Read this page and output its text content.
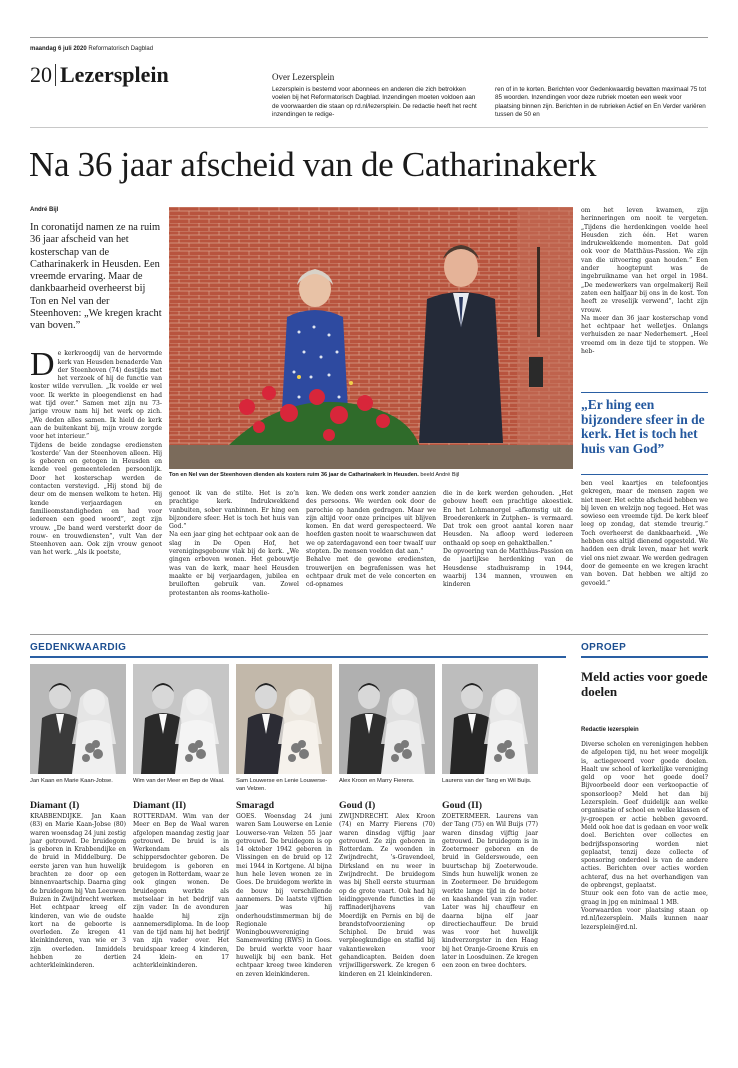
maandag 6 juli 2020 Reformatorisch Dagblad
20 Lezersplein	Over Lezersplein
Lezersplein is bestemd voor abonnees en anderen die zich betrokken voelen bij het Reformatorisch Dagblad. Inzendingen moeten voldoen aan de voorwaarden die staan op rd.nl/lezersplein. De redactie heeft het recht inzendingen te redige-
ren of in te korten. Berichten voor Gedenkwaardig bevatten maximaal 75 tot 85 woorden. Inzendingen voor deze rubriek moeten een week voor plaatsing binnen zijn. Berichten in de rubrieken Actief en En Verder variëren tussen de 50 en
Na 36 jaar afscheid van de Catharinakerk
André Bijl
In coronatijd namen ze na ruim 36 jaar afscheid van het kosterschap van de Catharinakerk in Heusden. Een vreemde ervaring. Maar de dankbaarheid overheerst bij Ton en Nel van der Steenhoven: „We kregen kracht van boven.”

De kerkvoogdij van de hervormde kerk van Heusden benaderde Van der Steenhoven (74) destijds met het verzoek of hij de functie van koster wilde vervullen. „Ik voelde er wel voor. Ik werkte in ploegendienst en had wat tijd over.” Samen met zijn nu 73-jarige vrouw nam hij het werk op zich. „We deden alles samen. Ik hield de kerk aan de buitenkant bij, mijn vrouw zorgde voor het interieur.”
Tijdens de beide zondagse erediensten ‘kosterde’ Van der Steenhoven alleen. Hij is geboren en getogen in Heusden en kende veel gemeenteleden persoonlijk. Door het kosterschap werden de contacten verstevigd. „Hij stond bij de deur om de mensen welkom te heten. Hij kende verjaardagen en familieomstandigheden en had voor iedereen een goed woord”, zegt zijn vrouw. „De band werd versterkt door de rouw- en trouwdiensten”, vult Van der Steenhoven aan. Ook zijn vrouw genoot van het werk. „Als ik poetste,

Ton en Nel van der Steenhoven dienden als kosters ruim 36 jaar de Catharinakerk in Heusden. beeld André Bijl
genoot ik van de stilte. Het is zo’n prachtige kerk. Indrukwekkend vanbuiten, sober vanbinnen. Er hing een bijzondere sfeer. Het is toch het huis van God.”
Na een jaar ging het echtpaar ook aan de slag in De Open Hof, het verenigingsgebouw vlak bij de kerk. „We gingen erboven wonen. Het gebouwtje was van de kerk, maar heel Heusden maakte er bij verjaardagen, jubilea en bruiloften gebruik van. Zowel protestanten als rooms-katholie-
ken. We deden ons werk zonder aanzien des persoons. We werden ook door de parochie op handen gedragen. Maar we zijn altijd voor onze principes uit blijven komen. En dat werd gerespecteerd. We hoefden gasten nooit te waarschuwen dat we op zaterdagavond een toer twaalf uur stopten. De mensen voelden dat aan.”
Behalve met de gewone erediensten, trouwerijen en begrafenissen was het echtpaar druk met de vele concerten en cd-opnames
die in de kerk werden gehouden. „Het gebouw heeft een prachtige akoestiek. En het Lohmanorgel –afkomstig uit de Broederenkerk in Zutphen– is vermaard. Dat trok een groot aantal koren naar Heusden. Na afloop werd iedereen onthaald op soep en gehaktballen.”
De opvoering van de Matthäus-Passion en de jaarlijkse herdenking van de Heusdense stadhuisramp in 1944, waarbij 134 mannen, vrouwen en kinderen
om het leven kwamen, zijn herinneringen om nooit te vergeten. „Tijdens die herdenkingen voelde heel Heusden zich één. Het waren indrukwekkende momenten. Dat gold ook voor de Matthäus-Passion. We zijn van die uitvoering gaan houden.” Een ander hoogtepunt was de ingebruikname van het orgel in 1984. „De medewerkers van orgelmakerij Reil zaten een halfjaar bij ons in de kost. Ton heeft ze vreselijk verwend”, lacht zijn vrouw.
Na meer dan 36 jaar kosterschap vond het echtpaar het welletjes. Onlangs verhuisden ze naar Nederhemert. „Heel vreemd om in deze tijd te stoppen. We heb-
„Er hing een bijzondere sfeer in de kerk. Het is toch het huis van God”
ben veel kaartjes en telefoontjes gekregen, maar de mensen zagen we niet meer. Het echte afscheid hebben we bij leven en welzijn nog tegoed. Het was sowieso een vreemde tijd. De kerk bleef leeg op zondag, dat stemde treurig.” Toch overheerst de dankbaarheid. „We hebben ons altijd dienend opgesteld. We hadden een druk leven, maar het werk viel ons niet zwaar. We werden gedragen door de gemeente en we kregen kracht van boven. Dat hebben we altijd zo gevoeld.”
GEDENKWAARDIG
Jan Kaan en Marie Kaan-Jobse.
Diamant (I)
KRABBENDIJKE. Jan Kaan (83) en Marie Kaan-Jobse (80) waren woensdag 24 juni zestig jaar getrouwd. De bruidegom is geboren in Krabbendijke en de bruid in Middelburg. De eerste jaren van hun huwelijk brachten ze door op een binnenvaartschip. Daarna ging de bruidegom bij Van Leeuwen Buizen in Zwijndrecht werken. Het echtpaar kreeg elf kinderen, van wie de oudste kort na de geboorte is overleden. Ze kregen 41 kleinkinderen, van wie er 3 zijn overleden. Inmiddels hebben ze dertien achterkleinkinderen.
Wim van der Meer en Bep de Waal.
Diamant (II)
ROTTERDAM. Wim van der Meer en Bep de Waal waren afgelopen maandag zestig jaar getrouwd. De bruid is in Werkendam als schippersdochter geboren. De bruidegom is geboren en getogen in Rotterdam, waar ze ook gingen wonen. De bruidegom werkte als metselaar in het bedrijf van zijn vader. In de avonduren haalde hij zijn aannemersdiploma. In de loop van de tijd nam hij het bedrijf van zijn vader over. Het bruidspaar kreeg 4 kinderen, 24 klein- en 17 achterkleinkinderen.
Sam Louwerse en Lenie Louwerse-van Velzen.
Smaragd
GOES. Woensdag 24 juni waren Sam Louwerse en Lenie Louwerse-van Velzen 55 jaar getrouwd. De bruidegom is op 14 oktober 1942 geboren in Vlissingen en de bruid op 12 mei 1944 in Kortgene. Al bijna hun hele leven wonen ze in Goes. De bruidegom werkte in de bouw bij verschillende aannemers. De laatste vijftien jaar was hij onderhoudstimmerman bij de Regionale Woningbouwvereniging Samenwerking (RWS) in Goes. De bruid werkte voor haar huwelijk bij een bank. Het echtpaar kreeg twee kinderen en zeven kleinkinderen.
Alex Kroon en Marry Fierens.
Goud (I)
ZWIJNDRECHT. Alex Kroon (74) en Marry Fierens (70) waren dinsdag vijftig jaar getrouwd. Ze zijn geboren in Rotterdam. Ze woonden in Zwijndrecht, ’s-Gravendeel, Dirksland en nu weer in Zwijndrecht. De bruidegom was bij Shell eerste stuurman op de grote vaart. Ook had hij leidinggevende functies in de raffinaderijhavens van Moerdijk en Pernis en bij de brandstofvoorziening op Schiphol. De bruid was verpleegkundige en staflid bij vakantieweken voor gehandicapten. Beiden doen vrijwilligerswerk. Ze kregen 6 kinderen en 21 kleinkinderen.
Laurens van der Tang en Wil Buijs.
Goud (II)
ZOETERMEER. Laurens van der Tang (75) en Wil Buijs (77) waren dinsdag vijftig jaar getrouwd. De bruidegom is in Zoetermeer geboren en de bruid in Gelderswoude, een buurtschap bij Zoeterwoude. Sinds hun huwelijk wonen ze in Zoetermeer. De bruidegom werkte lange tijd in de boter- en kaashandel van zijn vader. Later was hij chauffeur en daarna bijna elf jaar directiechauffeur. De bruid was voor het huwelijk kindverzorgster in den Haag bij het Oranje-Groene Kruis en later in Loosduinen. Ze kregen een zoon en twee dochters.
OPROEP
Meld acties voor goede doelen
Redactie lezersplein
Diverse scholen en verenigingen hebben de afgelopen tijd, nu het weer mogelijk is, actiegevoerd voor goede doelen. Haalt uw school of kerkelijke vereniging geld op voor het goede doel? Bijvoorbeeld door een verkoopactie of sponsorloop? Meld het dan bij Lezersplein. Geef duidelijk aan welke organisatie of school en welke klassen of jv-groepen er actie hebben gevoerd. Meld ook hoe dat is gedaan en voor welk doel. Berichten over collectes en bedrijfssponsoring worden niet geplaatst, tenzij deze collecte of sponsoring onderdeel is van de andere acties. Berichten over acties worden achteraf, dus na het overhandigen van de opbrengst, geplaatst.
Stuur ook een foto van de actie mee, graag in jpg en minimaal 1 MB.
Voorwaarden voor plaatsing staan op rd.nl/lezersplein. Mails kunnen naar lezersplein@rd.nl.
